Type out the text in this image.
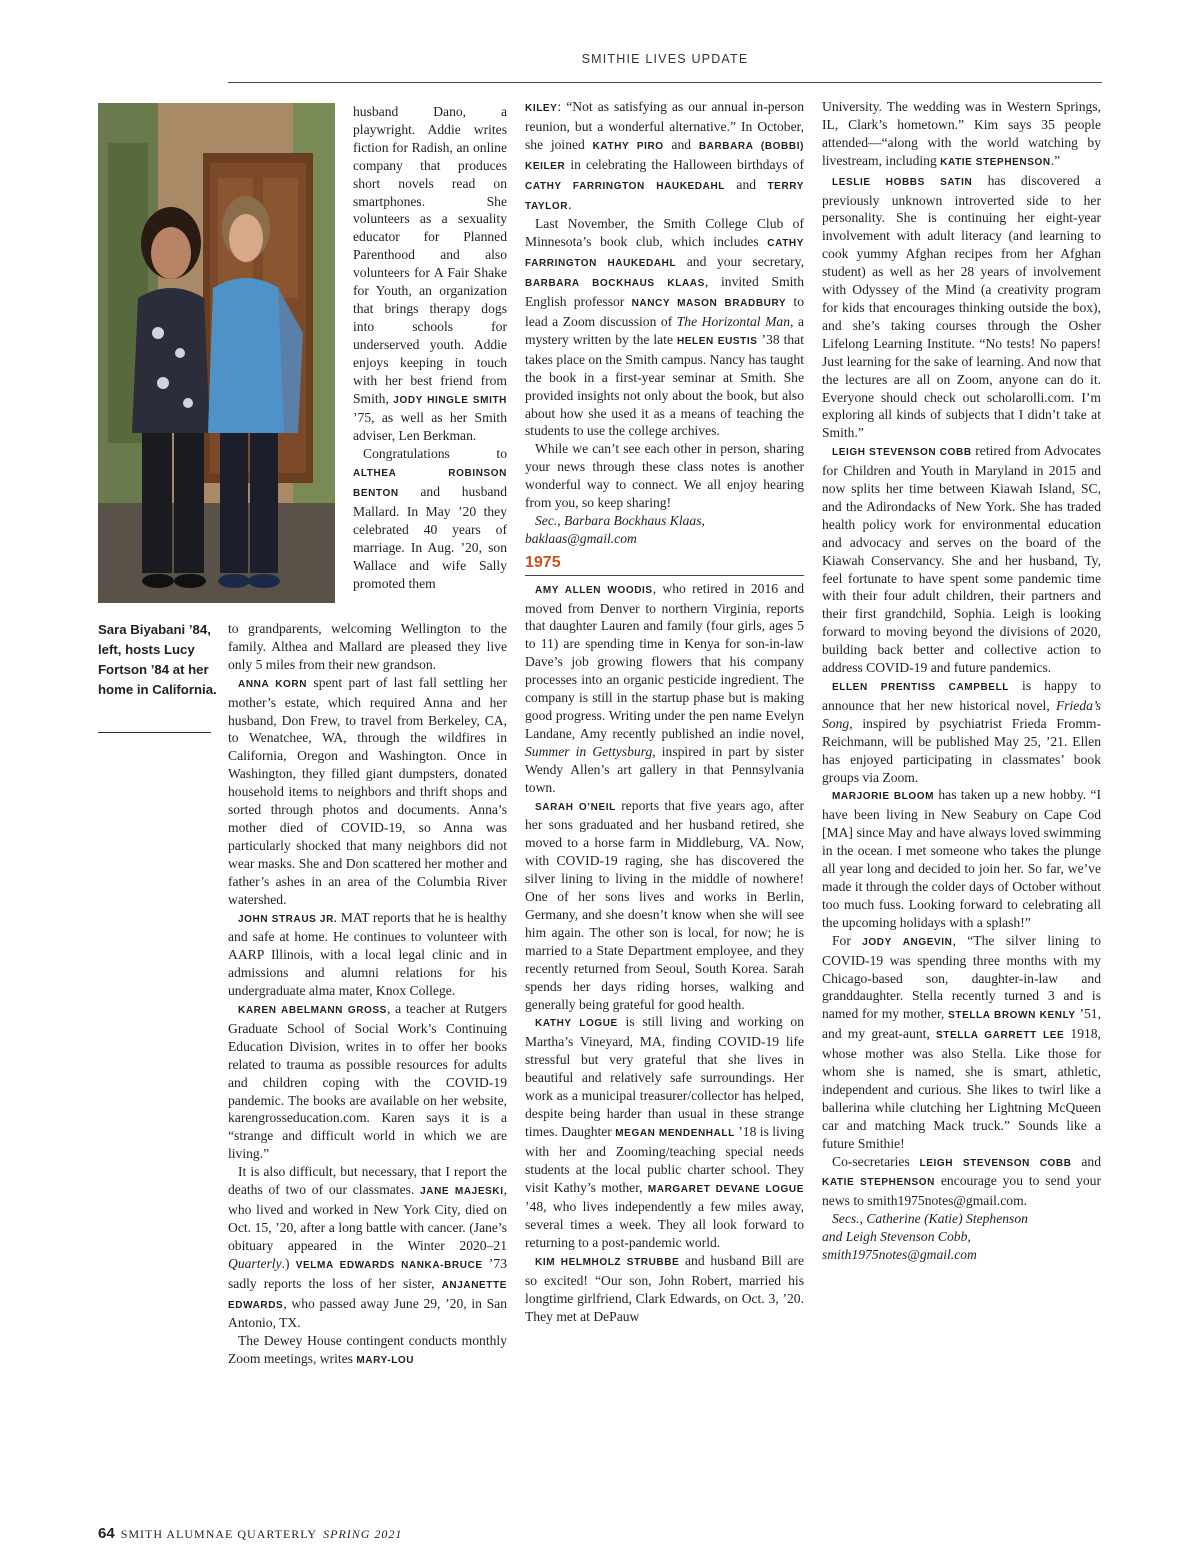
SMITHIE LIVES UPDATE
Sara Biyabani ’84, left, hosts Lucy Fortson ’84 at her home in California.

husband Dano, a playwright. Addie writes fiction for Radish, an online company that produces short novels read on smartphones. She volunteers as a sexuality educator for Planned Parenthood and also volunteers for A Fair Shake for Youth, an organization that brings therapy dogs into schools for underserved youth. Addie enjoys keeping in touch with her best friend from Smith, JODY HINGLE SMITH ’75, as well as her Smith adviser, Len Berkman.

Congratulations to ALTHEA ROBINSON BENTON and husband Mallard. In May ’20 they celebrated 40 years of marriage. In Aug. ’20, son Wallace and wife Sally promoted them

to grandparents, welcoming Wellington to the family. Althea and Mallard are pleased they live only 5 miles from their new grandson.

ANNA KORN spent part of last fall settling her mother’s estate, which required Anna and her husband, Don Frew, to travel from Berkeley, CA, to Wenatchee, WA, through the wildfires in California, Oregon and Washington. Once in Washington, they filled giant dumpsters, donated household items to neighbors and thrift shops and sorted through photos and documents. Anna’s mother died of COVID-19, so Anna was particularly shocked that many neighbors did not wear masks. She and Don scattered her mother and father’s ashes in an area of the Columbia River watershed.

JOHN STRAUS JR. MAT reports that he is healthy and safe at home. He continues to volunteer with AARP Illinois, with a local legal clinic and in admissions and alumni relations for his undergraduate alma mater, Knox College.

KAREN ABELMANN GROSS, a teacher at Rutgers Graduate School of Social Work’s Continuing Education Division, writes in to offer her books related to trauma as possible resources for adults and children coping with the COVID-19 pandemic. The books are available on her website, karengrosseducation.com. Karen says it is a “strange and difficult world in which we are living.”

It is also difficult, but necessary, that I report the deaths of two of our classmates. JANE MAJESKI, who lived and worked in New York City, died on Oct. 15, ’20, after a long battle with cancer. (Jane’s obituary appeared in the Winter 2020–21 Quarterly.) VELMA EDWARDS NANKA-BRUCE ’73 sadly reports the loss of her sister, ANJANETTE EDWARDS, who passed away June 29, ’20, in San Antonio, TX.

The Dewey House contingent conducts monthly Zoom meetings, writes MARY-LOU

KILEY: “Not as satisfying as our annual in-person reunion, but a wonderful alternative.” In October, she joined KATHY PIRO and BARBARA (BOBBI) KEILER in celebrating the Halloween birthdays of CATHY FARRINGTON HAUKEDAHL and TERRY TAYLOR.

Last November, the Smith College Club of Minnesota’s book club, which includes CATHY FARRINGTON HAUKEDAHL and your secretary, BARBARA BOCKHAUS KLAAS, invited Smith English professor NANCY MASON BRADBURY to lead a Zoom discussion of The Horizontal Man, a mystery written by the late HELEN EUSTIS ’38 that takes place on the Smith campus. Nancy has taught the book in a first-year seminar at Smith. She provided insights not only about the book, but also about how she used it as a means of teaching the students to use the college archives.

While we can’t see each other in person, sharing your news through these class notes is another wonderful way to connect. We all enjoy hearing from you, so keep sharing!

Sec., Barbara Bockhaus Klaas,
baklaas@gmail.com

1975

AMY ALLEN WOODIS, who retired in 2016 and moved from Denver to northern Virginia, reports that daughter Lauren and family (four girls, ages 5 to 11) are spending time in Kenya for son-in-law Dave’s job growing flowers that his company processes into an organic pesticide ingredient. The company is still in the startup phase but is making good progress. Writing under the pen name Evelyn Landane, Amy recently published an indie novel, Summer in Gettysburg, inspired in part by sister Wendy Allen’s art gallery in that Pennsylvania town.

SARAH O’NEIL reports that five years ago, after her sons graduated and her husband retired, she moved to a horse farm in Middleburg, VA. Now, with COVID-19 raging, she has discovered the silver lining to living in the middle of nowhere! One of her sons lives and works in Berlin, Germany, and she doesn’t know when she will see him again. The other son is local, for now; he is married to a State Department employee, and they recently returned from Seoul, South Korea. Sarah spends her days riding horses, walking and generally being grateful for good health.

KATHY LOGUE is still living and working on Martha’s Vineyard, MA, finding COVID-19 life stressful but very grateful that she lives in beautiful and relatively safe surroundings. Her work as a municipal treasurer/collector has helped, despite being harder than usual in these strange times. Daughter MEGAN MENDENHALL ’18 is living with her and Zooming/teaching special needs students at the local public charter school. They visit Kathy’s mother, MARGARET DEVANE LOGUE ’48, who lives independently a few miles away, several times a week. They all look forward to returning to a post-pandemic world.

KIM HELMHOLZ STRUBBE and husband Bill are so excited! “Our son, John Robert, married his longtime girlfriend, Clark Edwards, on Oct. 3, ’20. They met at DePauw

University. The wedding was in Western Springs, IL, Clark’s hometown.” Kim says 35 people attended—“along with the world watching by livestream, including KATIE STEPHENSON.”

LESLIE HOBBS SATIN has discovered a previously unknown introverted side to her personality. She is continuing her eight-year involvement with adult literacy (and learning to cook yummy Afghan recipes from her Afghan student) as well as her 28 years of involvement with Odyssey of the Mind (a creativity program for kids that encourages thinking outside the box), and she’s taking courses through the Osher Lifelong Learning Institute. “No tests! No papers! Just learning for the sake of learning. And now that the lectures are all on Zoom, anyone can do it. Everyone should check out scholarolli.com. I’m exploring all kinds of subjects that I didn’t take at Smith.”

LEIGH STEVENSON COBB retired from Advocates for Children and Youth in Maryland in 2015 and now splits her time between Kiawah Island, SC, and the Adirondacks of New York. She has traded health policy work for environmental education and advocacy and serves on the board of the Kiawah Conservancy. She and her husband, Ty, feel fortunate to have spent some pandemic time with their four adult children, their partners and their first grandchild, Sophia. Leigh is looking forward to moving beyond the divisions of 2020, building back better and collective action to address COVID-19 and future pandemics.

ELLEN PRENTISS CAMPBELL is happy to announce that her new historical novel, Frieda’s Song, inspired by psychiatrist Frieda Fromm-Reichmann, will be published May 25, ’21. Ellen has enjoyed participating in classmates’ book groups via Zoom.

MARJORIE BLOOM has taken up a new hobby. “I have been living in New Seabury on Cape Cod [MA] since May and have always loved swimming in the ocean. I met someone who takes the plunge all year long and decided to join her. So far, we’ve made it through the colder days of October without too much fuss. Looking forward to celebrating all the upcoming holidays with a splash!”

For JODY ANGEVIN, “The silver lining to COVID-19 was spending three months with my Chicago-based son, daughter-in-law and granddaughter. Stella recently turned 3 and is named for my mother, STELLA BROWN KENLY ’51, and my great-aunt, STELLA GARRETT LEE 1918, whose mother was also Stella. Like those for whom she is named, she is smart, athletic, independent and curious. She likes to twirl like a ballerina while clutching her Lightning McQueen car and matching Mack truck.” Sounds like a future Smithie!

Co-secretaries LEIGH STEVENSON COBB and KATIE STEPHENSON encourage you to send your news to smith1975notes@gmail.com.

Secs., Catherine (Katie) Stephenson
and Leigh Stevenson Cobb,
smith1975notes@gmail.com

64 SMITH ALUMNAE QUARTERLY SPRING 2021
